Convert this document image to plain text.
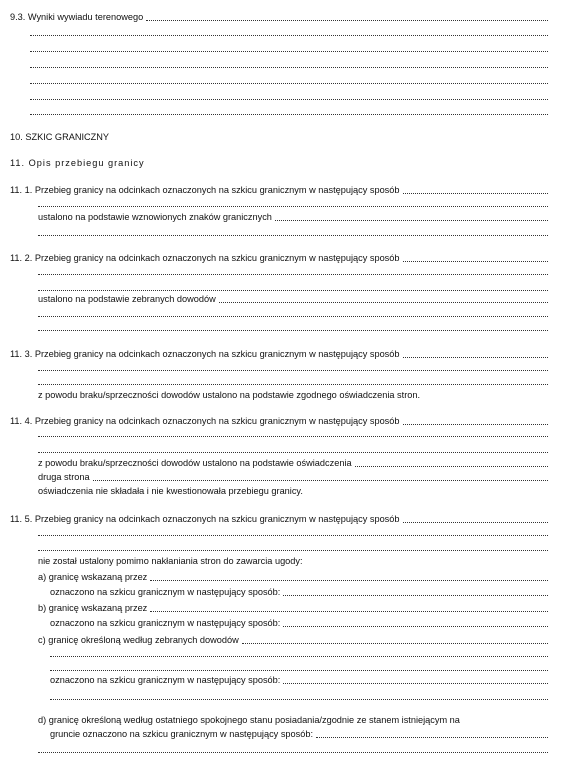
9.3. Wyniki wywiadu terenowego
10. SZKIC GRANICZNY
11. Opis przebiegu granicy
11. 1. Przebieg granicy na odcinkach oznaczonych na szkicu granicznym w następujący sposób
ustalono na podstawie wznowionych znaków granicznych
11. 2. Przebieg granicy na odcinkach oznaczonych na szkicu granicznym w następujący sposób
ustalono na podstawie zebranych dowodów
11. 3. Przebieg granicy na odcinkach oznaczonych na szkicu granicznym w następujący sposób
z powodu braku/sprzeczności dowodów ustalono na podstawie zgodnego oświadczenia stron.
11. 4. Przebieg granicy na odcinkach oznaczonych na szkicu granicznym w następujący sposób
z powodu braku/sprzeczności dowodów ustalono na podstawie oświadczenia
druga strona
oświadczenia nie składała i nie kwestionowała przebiegu granicy.
11. 5. Przebieg granicy na odcinkach oznaczonych na szkicu granicznym w następujący sposób
nie został ustalony pomimo nakłaniania stron do zawarcia ugody:
a) granicę wskazaną przez
oznaczono na szkicu granicznym w następujący sposób:
b) granicę wskazaną przez
oznaczono na szkicu granicznym w następujący sposób:
c) granicę określoną według zebranych dowodów
oznaczono na szkicu granicznym w następujący sposób:
d) granicę określoną według ostatniego spokojnego stanu posiadania/zgodnie ze stanem istniejącym na
gruncie oznaczono na szkicu granicznym w następujący sposób:
